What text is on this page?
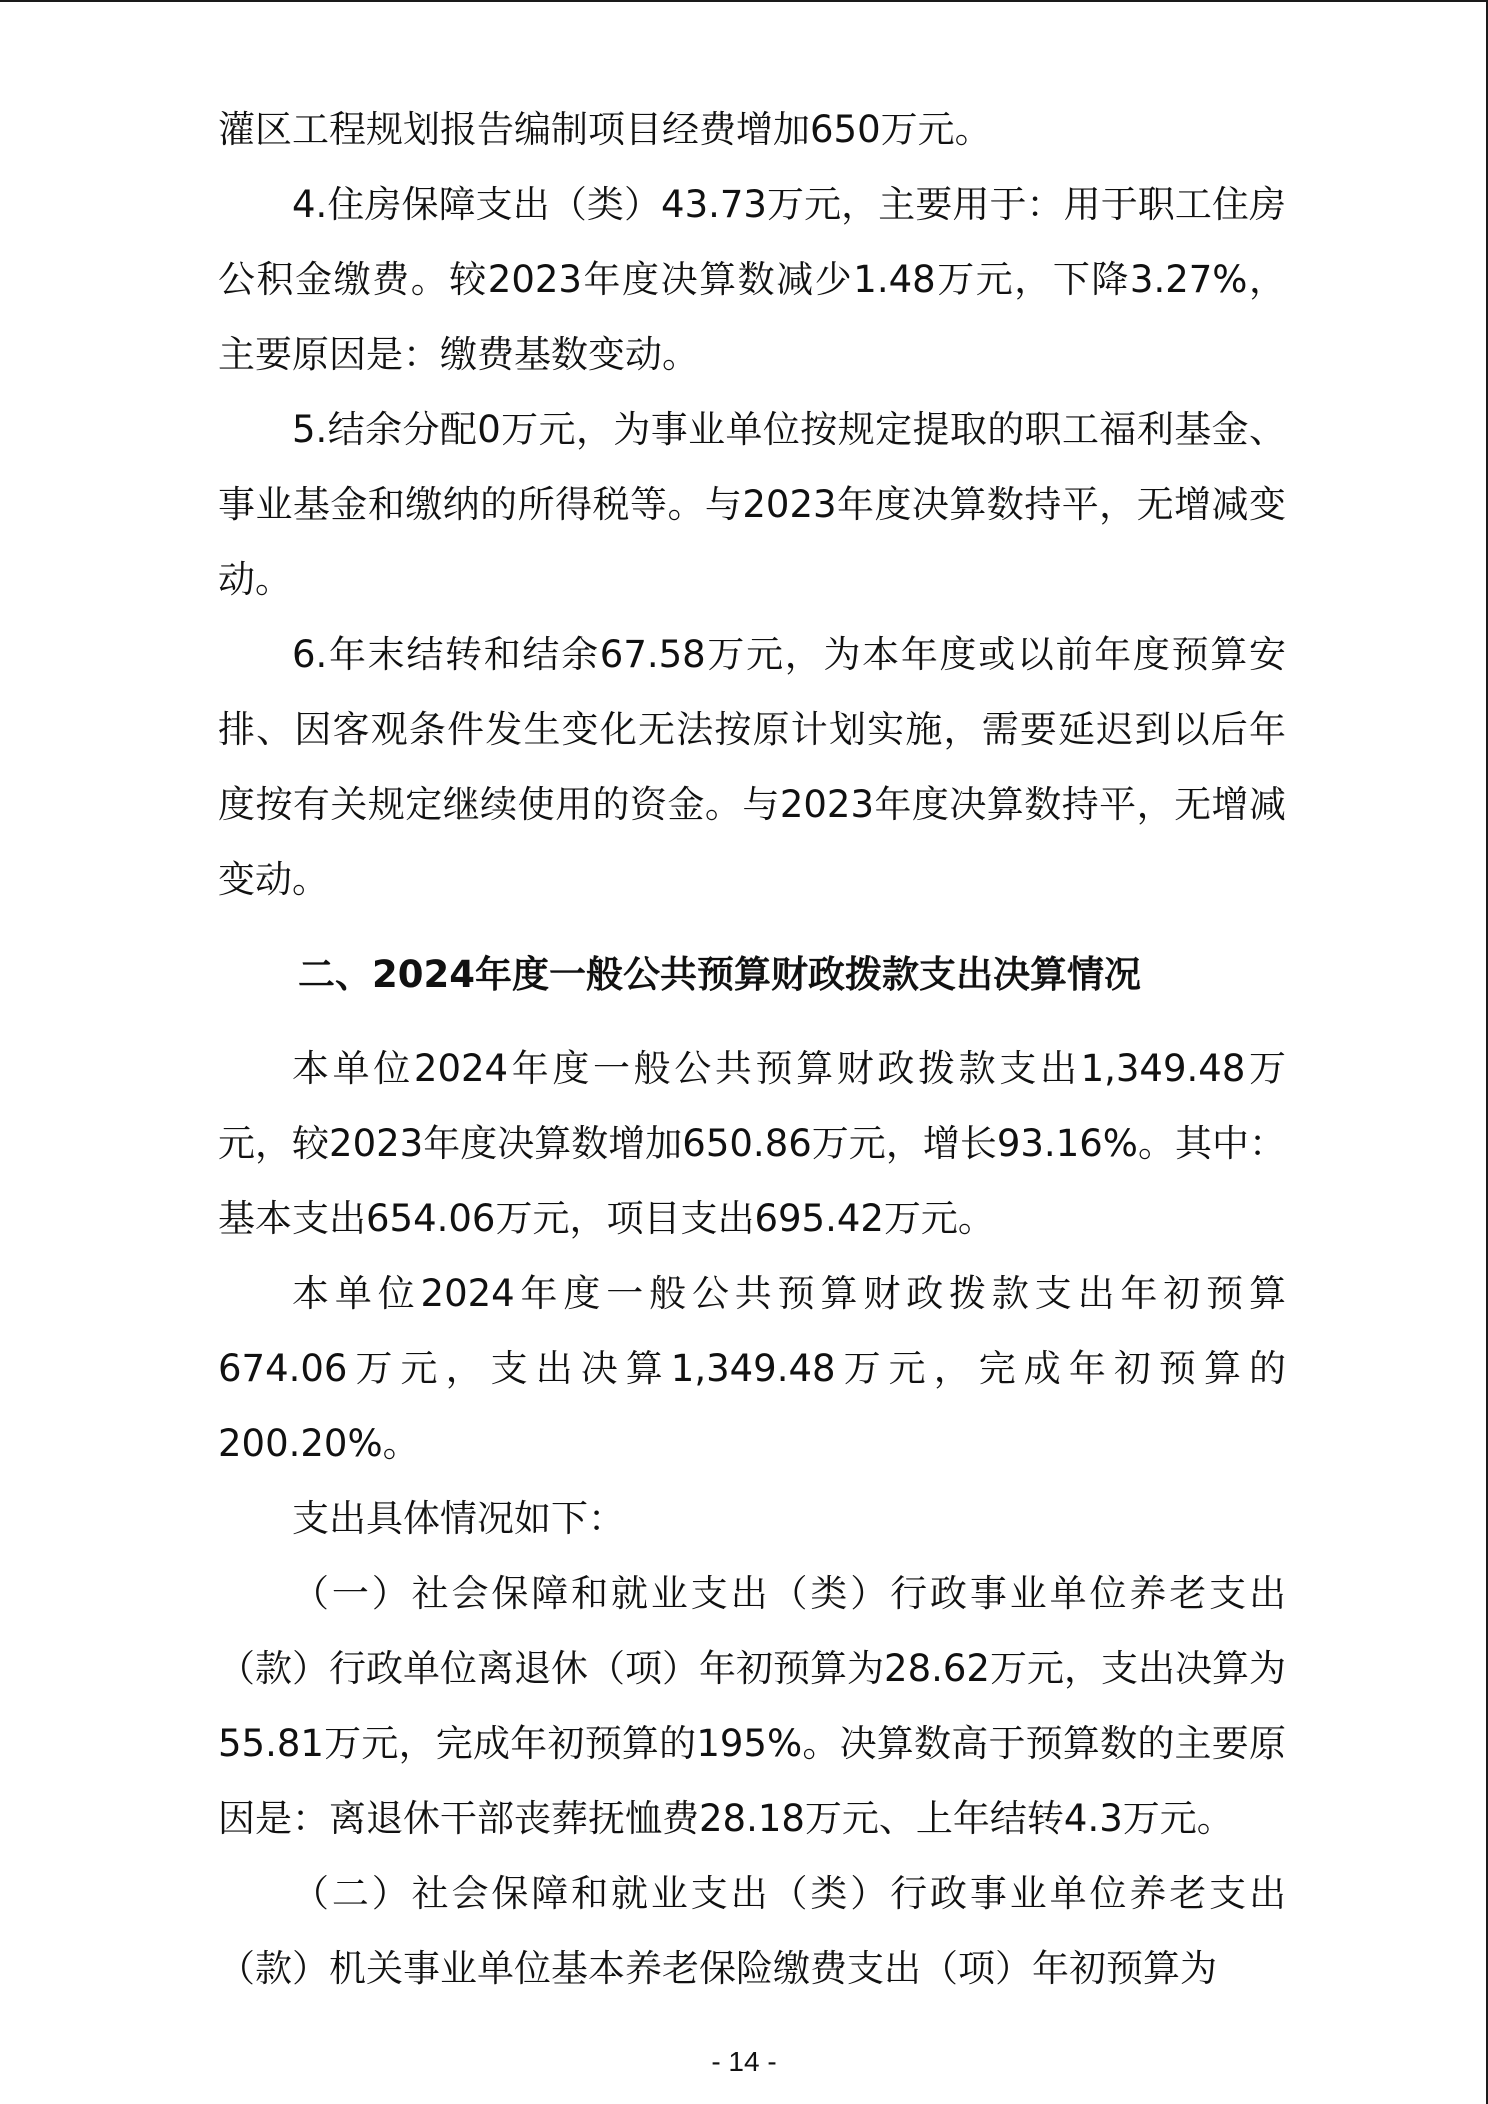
灌区工程规划报告编制项目经费增加650万元。

4.住房保障支出（类）43.73万元，主要用于：用于职工住房公积金缴费。较2023年度决算数减少1.48万元，下降3.27%，主要原因是：缴费基数变动。

5.结余分配0万元，为事业单位按规定提取的职工福利基金、事业基金和缴纳的所得税等。与2023年度决算数持平，无增减变动。

6.年末结转和结余67.58万元，为本年度或以前年度预算安排、因客观条件发生变化无法按原计划实施，需要延迟到以后年度按有关规定继续使用的资金。与2023年度决算数持平，无增减变动。

二、2024年度一般公共预算财政拨款支出决算情况

本单位2024年度一般公共预算财政拨款支出1,349.48万元，较2023年度决算数增加650.86万元，增长93.16%。其中：基本支出654.06万元，项目支出695.42万元。

本单位2024年度一般公共预算财政拨款支出年初预算674.06万元，支出决算1,349.48万元，完成年初预算的200.20%。

支出具体情况如下：

（一）社会保障和就业支出（类）行政事业单位养老支出（款）行政单位离退休（项）年初预算为28.62万元，支出决算为55.81万元，完成年初预算的195%。决算数高于预算数的主要原因是：离退休干部丧葬抚恤费28.18万元、上年结转4.3万元。

（二）社会保障和就业支出（类）行政事业单位养老支出（款）机关事业单位基本养老保险缴费支出（项）年初预算为

- 14 -
